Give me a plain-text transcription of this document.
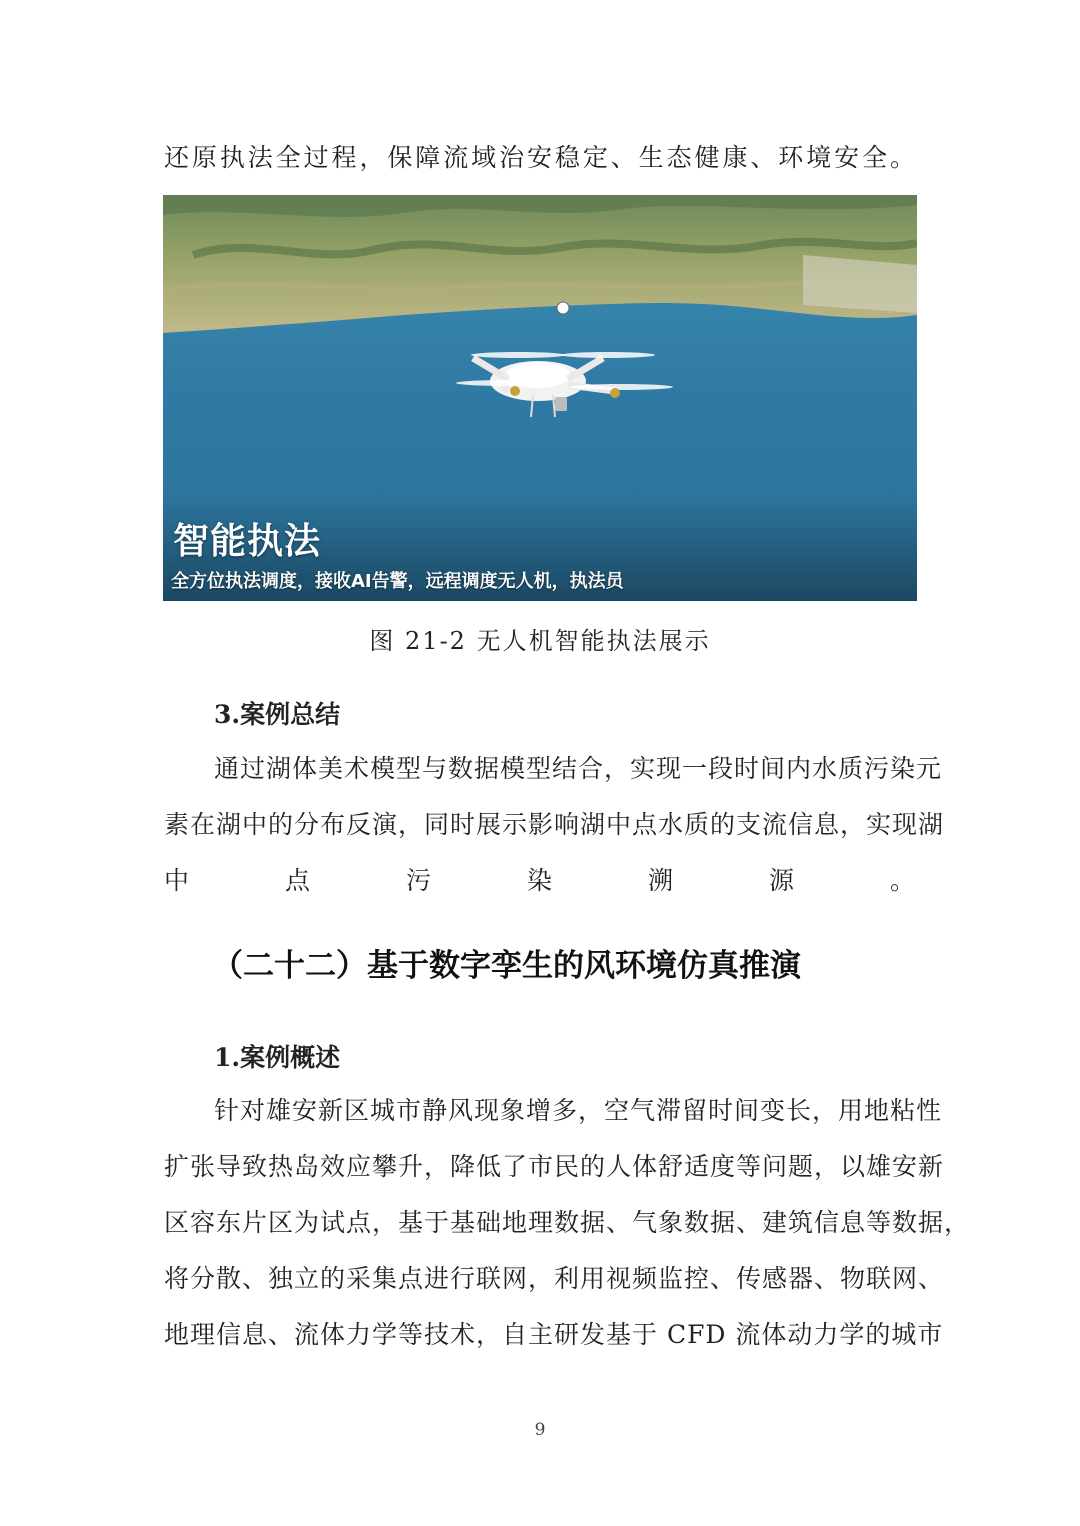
还原执法全过程，保障流域治安稳定、生态健康、环境安全。
智能执法
全方位执法调度，接收AI告警，远程调度无人机，执法员
图 21-2 无人机智能执法展示
3.案例总结
通过湖体美术模型与数据模型结合，实现一段时间内水质污染元
素在湖中的分布反演，同时展示影响湖中点水质的支流信息，实现湖
中点污染溯源。
（二十二）基于数字孪生的风环境仿真推演
1.案例概述
针对雄安新区城市静风现象增多，空气滞留时间变长，用地粘性
扩张导致热岛效应攀升，降低了市民的人体舒适度等问题，以雄安新
区容东片区为试点，基于基础地理数据、气象数据、建筑信息等数据，
将分散、独立的采集点进行联网，利用视频监控、传感器、物联网、
地理信息、流体力学等技术，自主研发基于 CFD 流体动力学的城市
9
